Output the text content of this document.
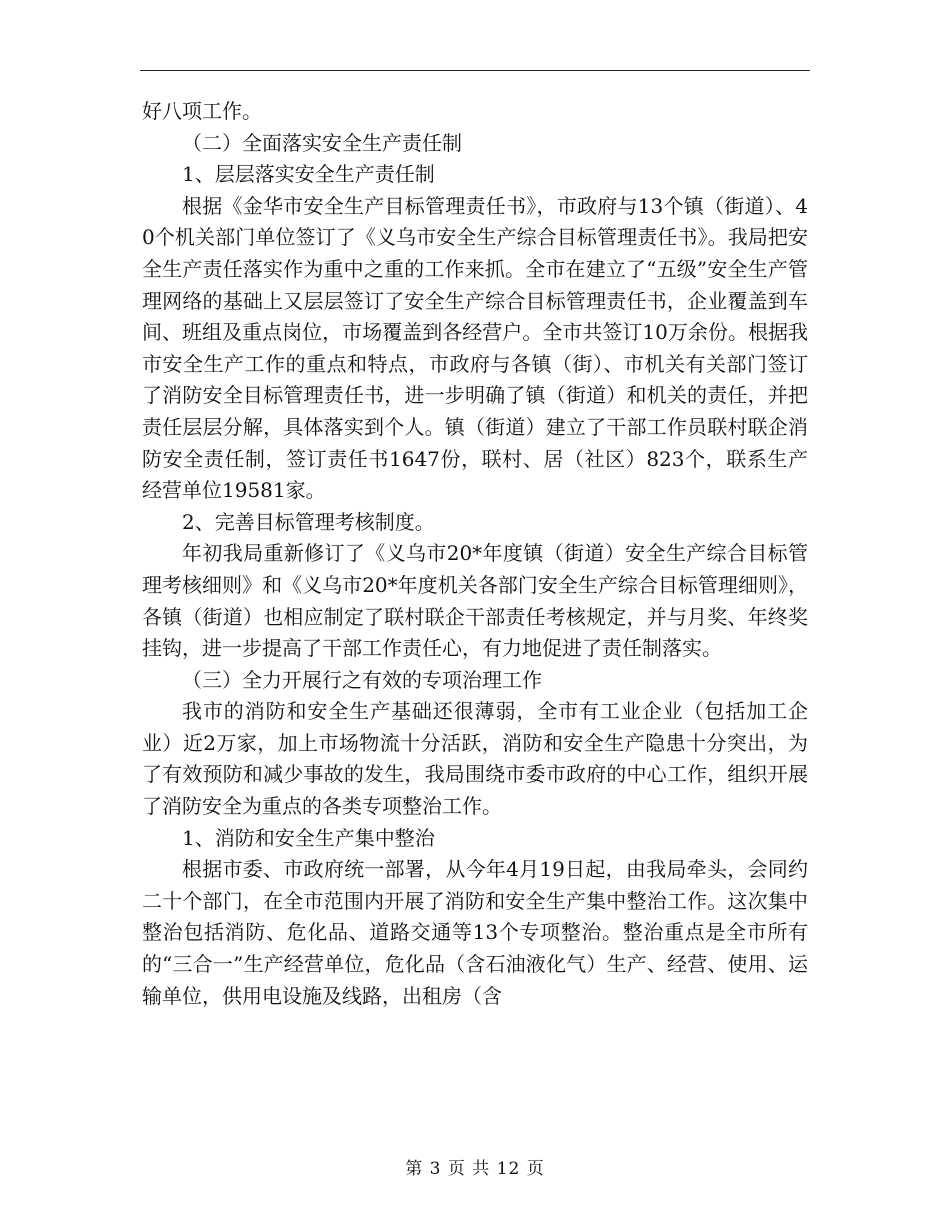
好八项工作。

（二）全面落实安全生产责任制

1、层层落实安全生产责任制

根据《金华市安全生产目标管理责任书》，市政府与13个镇（街道）、40个机关部门单位签订了《义乌市安全生产综合目标管理责任书》。我局把安全生产责任落实作为重中之重的工作来抓。全市在建立了“五级”安全生产管理网络的基础上又层层签订了安全生产综合目标管理责任书，企业覆盖到车间、班组及重点岗位，市场覆盖到各经营户。全市共签订10万余份。根据我市安全生产工作的重点和特点，市政府与各镇（街）、市机关有关部门签订了消防安全目标管理责任书，进一步明确了镇（街道）和机关的责任，并把责任层层分解，具体落实到个人。镇（街道）建立了干部工作员联村联企消防安全责任制，签订责任书1647份，联村、居（社区）823个，联系生产经营单位19581家。

2、完善目标管理考核制度。

年初我局重新修订了《义乌市20*年度镇（街道）安全生产综合目标管理考核细则》和《义乌市20*年度机关各部门安全生产综合目标管理细则》，各镇（街道）也相应制定了联村联企干部责任考核规定，并与月奖、年终奖挂钩，进一步提高了干部工作责任心，有力地促进了责任制落实。

（三）全力开展行之有效的专项治理工作

我市的消防和安全生产基础还很薄弱，全市有工业企业（包括加工企业）近2万家，加上市场物流十分活跃，消防和安全生产隐患十分突出，为了有效预防和减少事故的发生，我局围绕市委市政府的中心工作，组织开展了消防安全为重点的各类专项整治工作。

1、消防和安全生产集中整治

根据市委、市政府统一部署，从今年4月19日起，由我局牵头，会同约二十个部门，在全市范围内开展了消防和安全生产集中整治工作。这次集中整治包括消防、危化品、道路交通等13个专项整治。整治重点是全市所有的“三合一”生产经营单位，危化品（含石油液化气）生产、经营、使用、运输单位，供用电设施及线路，出租房（含

第 3 页 共 12 页
